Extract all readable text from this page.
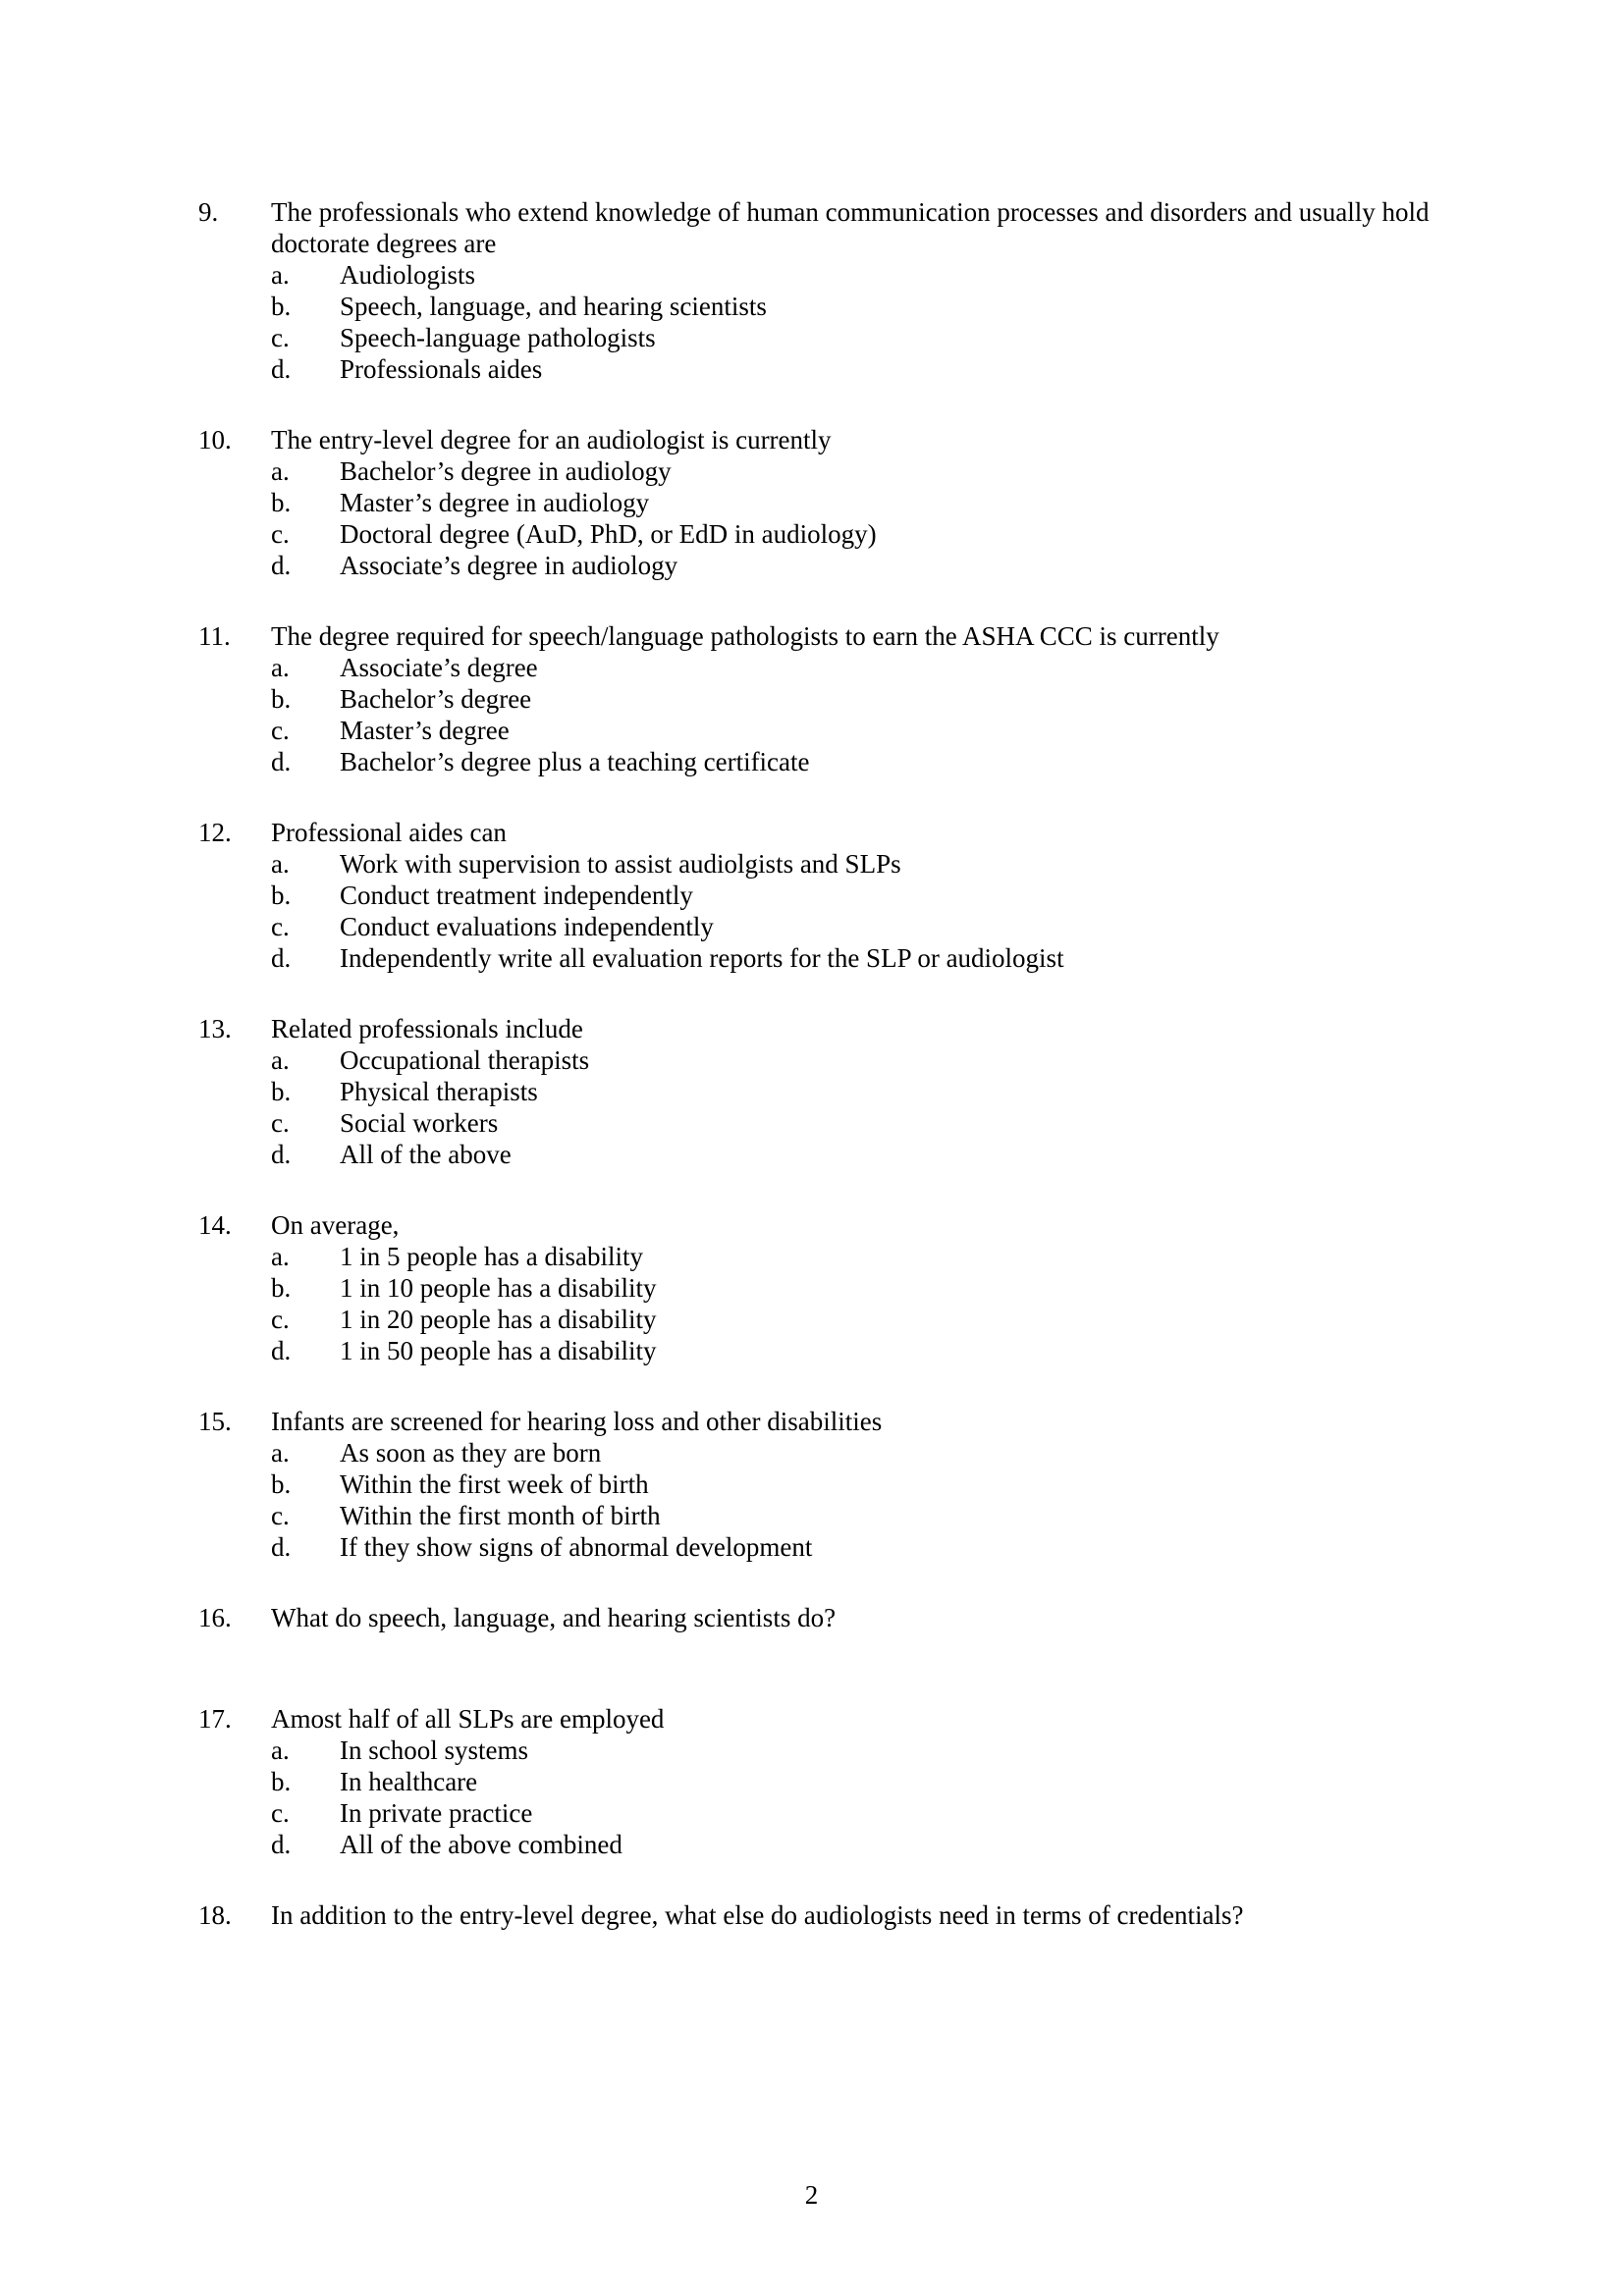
9. The professionals who extend knowledge of human communication processes and disorders and usually hold doctorate degrees are
a. Audiologists
b. Speech, language, and hearing scientists
c. Speech-language pathologists
d. Professionals aides
10. The entry-level degree for an audiologist is currently
a. Bachelor’s degree in audiology
b. Master’s degree in audiology
c. Doctoral degree (AuD, PhD, or EdD in audiology)
d. Associate’s degree in audiology
11. The degree required for speech/language pathologists to earn the ASHA CCC is currently
a. Associate’s degree
b. Bachelor’s degree
c. Master’s degree
d. Bachelor’s degree plus a teaching certificate
12. Professional aides can
a. Work with supervision to assist audiolgists and SLPs
b. Conduct treatment independently
c. Conduct evaluations independently
d. Independently write all evaluation reports for the SLP or audiologist
13. Related professionals include
a. Occupational therapists
b. Physical therapists
c. Social workers
d. All of the above
14. On average,
a. 1 in 5 people has a disability
b. 1 in 10 people has a disability
c. 1 in 20 people has a disability
d. 1 in 50 people has a disability
15. Infants are screened for hearing loss and other disabilities
a. As soon as they are born
b. Within the first week of birth
c. Within the first month of birth
d. If they show signs of abnormal development
16. What do speech, language, and hearing scientists do?
17. Amost half of all SLPs are employed
a. In school systems
b. In healthcare
c. In private practice
d. All of the above combined
18. In addition to the entry-level degree, what else do audiologists need in terms of credentials?
2
